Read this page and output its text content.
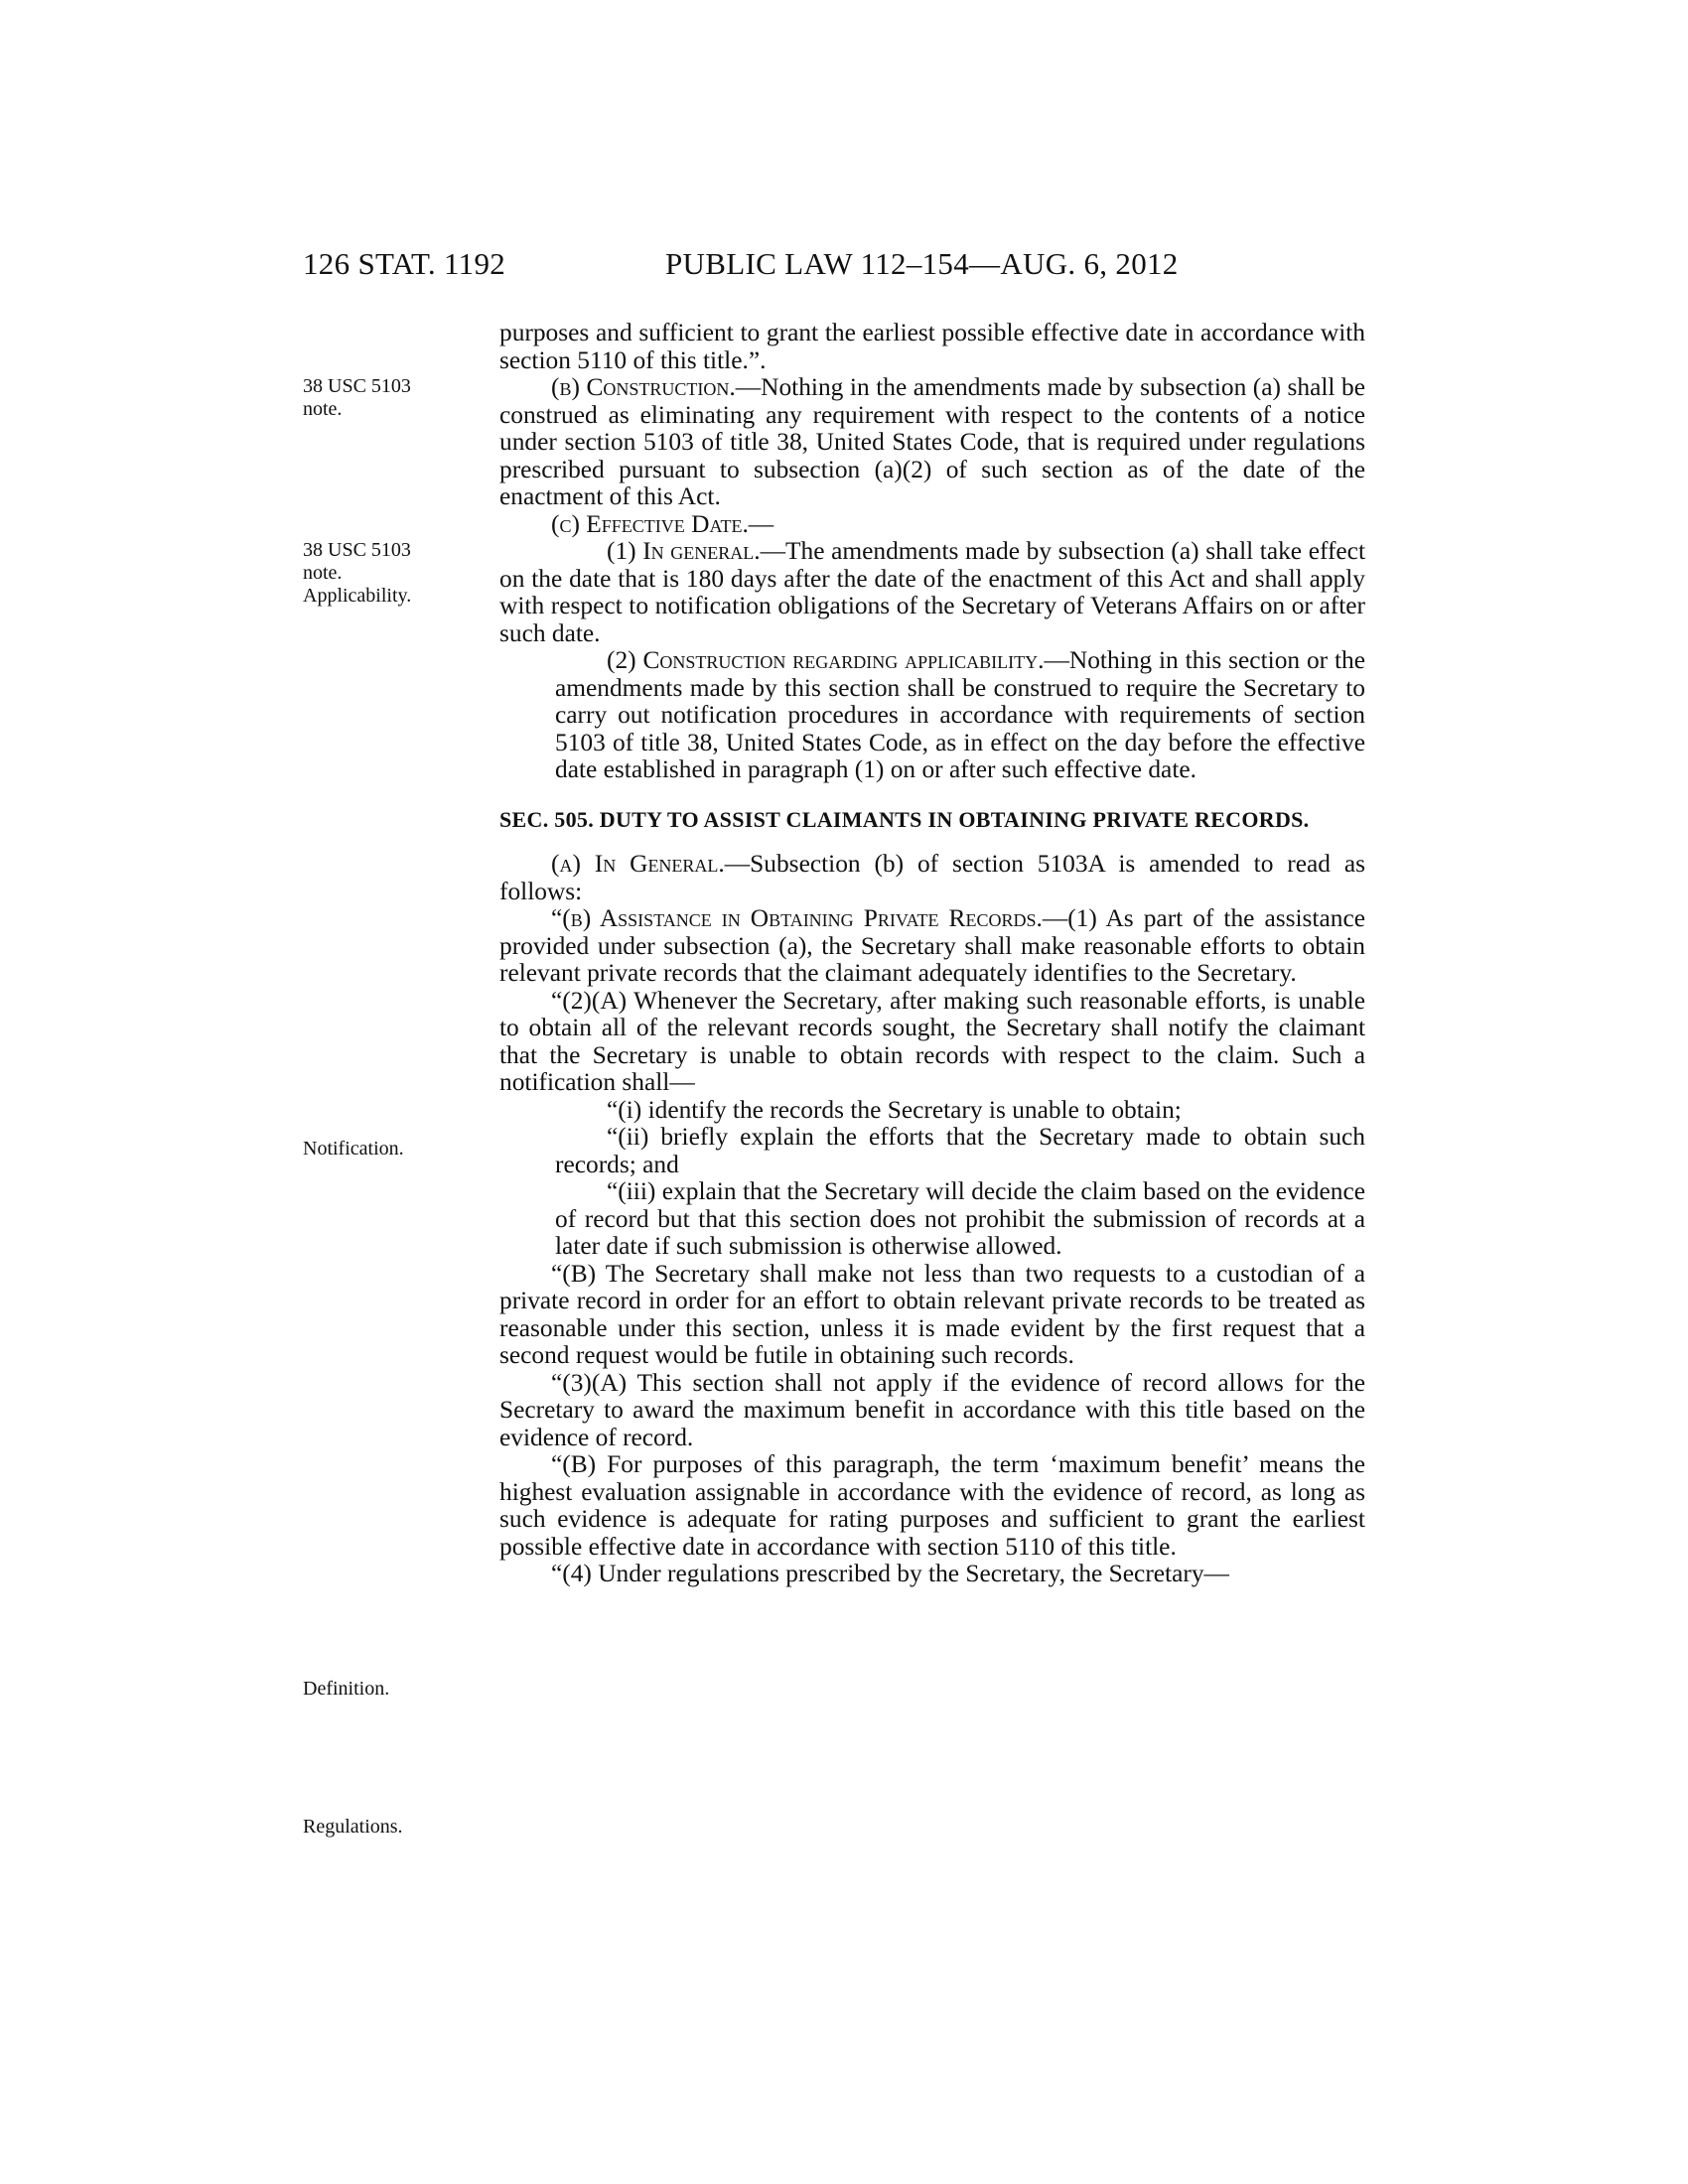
126 STAT. 1192	PUBLIC LAW 112–154—AUG. 6, 2012
38 USC 5103
note.
38 USC 5103
note.
Applicability.
Notification.
Definition.
Regulations.

purposes and sufficient to grant the earliest possible effective date in accordance with section 5110 of this title.”.

(b) Construction.—Nothing in the amendments made by subsection (a) shall be construed as eliminating any requirement with respect to the contents of a notice under section 5103 of title 38, United States Code, that is required under regulations prescribed pursuant to subsection (a)(2) of such section as of the date of the enactment of this Act.

(c) Effective Date.—

(1) In general.—The amendments made by subsection (a) shall take effect on the date that is 180 days after the date of the enactment of this Act and shall apply with respect to notification obligations of the Secretary of Veterans Affairs on or after such date.

(2) Construction regarding applicability.—Nothing in this section or the amendments made by this section shall be construed to require the Secretary to carry out notification procedures in accordance with requirements of section 5103 of title 38, United States Code, as in effect on the day before the effective date established in paragraph (1) on or after such effective date.

SEC. 505. DUTY TO ASSIST CLAIMANTS IN OBTAINING PRIVATE RECORDS.

(a) In General.—Subsection (b) of section 5103A is amended to read as follows:

“(b) Assistance in Obtaining Private Records.—(1) As part of the assistance provided under subsection (a), the Secretary shall make reasonable efforts to obtain relevant private records that the claimant adequately identifies to the Secretary.

“(2)(A) Whenever the Secretary, after making such reasonable efforts, is unable to obtain all of the relevant records sought, the Secretary shall notify the claimant that the Secretary is unable to obtain records with respect to the claim. Such a notification shall—

“(i) identify the records the Secretary is unable to obtain;

“(ii) briefly explain the efforts that the Secretary made to obtain such records; and

“(iii) explain that the Secretary will decide the claim based on the evidence of record but that this section does not prohibit the submission of records at a later date if such submission is otherwise allowed.

“(B) The Secretary shall make not less than two requests to a custodian of a private record in order for an effort to obtain relevant private records to be treated as reasonable under this section, unless it is made evident by the first request that a second request would be futile in obtaining such records.

“(3)(A) This section shall not apply if the evidence of record allows for the Secretary to award the maximum benefit in accordance with this title based on the evidence of record.

“(B) For purposes of this paragraph, the term ‘maximum benefit’ means the highest evaluation assignable in accordance with the evidence of record, as long as such evidence is adequate for rating purposes and sufficient to grant the earliest possible effective date in accordance with section 5110 of this title.

“(4) Under regulations prescribed by the Secretary, the Secretary—
